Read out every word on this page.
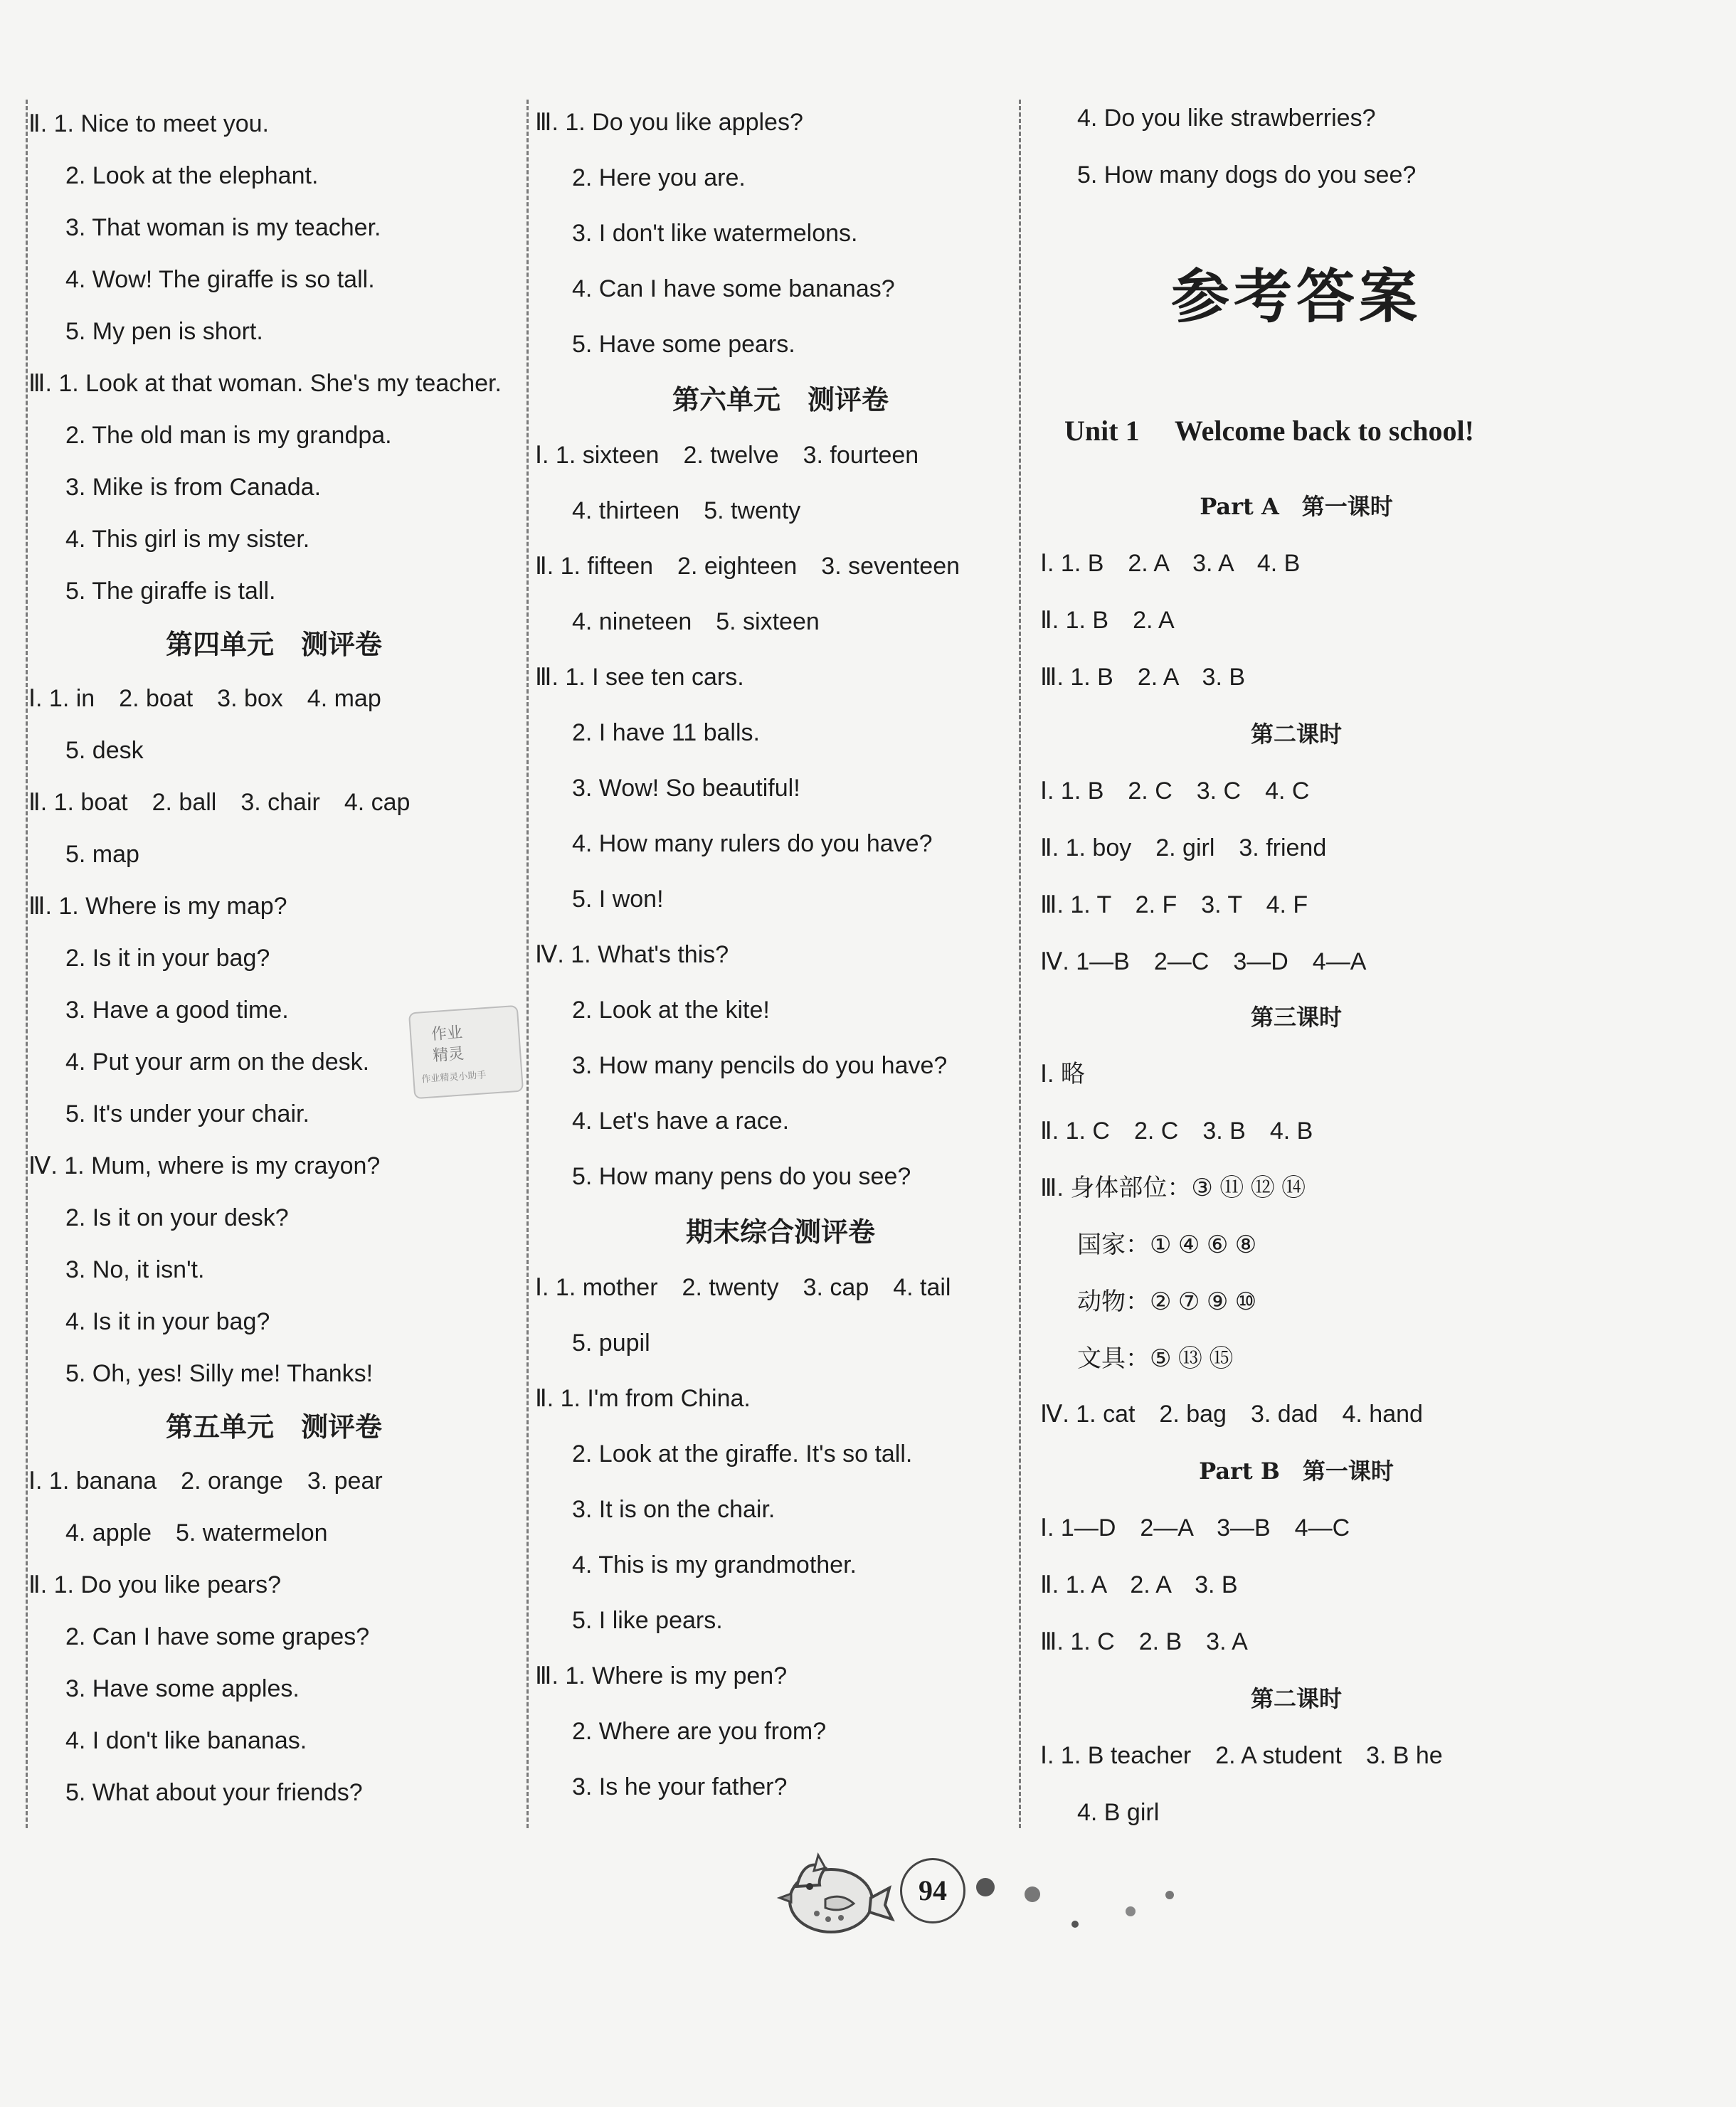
Ⅱ. 1. Nice to meet you.
2. Look at the elephant.
3. That woman is my teacher.
4. Wow! The giraffe is so tall.
5. My pen is short.
Ⅲ. 1. Look at that woman. She's my teacher.
2. The old man is my grandpa.
3. Mike is from Canada.
4. This girl is my sister.
5. The giraffe is tall.
第四单元　测评卷
Ⅰ. 1. in　2. boat　3. box　4. map
5. desk
Ⅱ. 1. boat　2. ball　3. chair　4. cap
5. map
Ⅲ. 1. Where is my map?
2. Is it in your bag?
3. Have a good time.
4. Put your arm on the desk.
5. It's under your chair.
Ⅳ. 1. Mum, where is my crayon?
2. Is it on your desk?
3. No, it isn't.
4. Is it in your bag?
5. Oh, yes! Silly me! Thanks!
第五单元　测评卷
Ⅰ. 1. banana　2. orange　3. pear
4. apple　5. watermelon
Ⅱ. 1. Do you like pears?
2. Can I have some grapes?
3. Have some apples.
4. I don't like bananas.
5. What about your friends?
作业
精灵
作业精灵小助手
Ⅲ. 1. Do you like apples?
2. Here you are.
3. I don't like watermelons.
4. Can I have some bananas?
5. Have some pears.
第六单元　测评卷
Ⅰ. 1. sixteen　2. twelve　3. fourteen
4. thirteen　5. twenty
Ⅱ. 1. fifteen　2. eighteen　3. seventeen
4. nineteen　5. sixteen
Ⅲ. 1. I see ten cars.
2. I have 11 balls.
3. Wow! So beautiful!
4. How many rulers do you have?
5. I won!
Ⅳ. 1. What's this?
2. Look at the kite!
3. How many pencils do you have?
4. Let's have a race.
5. How many pens do you see?
期末综合测评卷
Ⅰ. 1. mother　2. twenty　3. cap　4. tail
5. pupil
Ⅱ. 1. I'm from China.
2. Look at the giraffe. It's so tall.
3. It is on the chair.
4. This is my grandmother.
5. I like pears.
Ⅲ. 1. Where is my pen?
2. Where are you from?
3. Is he your father?
4. Do you like strawberries?
5. How many dogs do you see?
参考答案
Unit 1　 Welcome back to school!
Part A　第一课时
Ⅰ. 1. B　2. A　3. A　4. B
Ⅱ. 1. B　2. A
Ⅲ. 1. B　2. A　3. B
第二课时
Ⅰ. 1. B　2. C　3. C　4. C
Ⅱ. 1. boy　2. girl　3. friend
Ⅲ. 1. T　2. F　3. T　4. F
Ⅳ. 1—B　2—C　3—D　4—A
第三课时
Ⅰ. 略
Ⅱ. 1. C　2. C　3. B　4. B
Ⅲ. 身体部位：③ ⑪ ⑫ ⑭
国家：① ④ ⑥ ⑧
动物：② ⑦ ⑨ ⑩
文具：⑤ ⑬ ⑮
Ⅳ. 1. cat　2. bag　3. dad　4. hand
Part B　第一课时
Ⅰ. 1—D　2—A　3—B　4—C
Ⅱ. 1. A　2. A　3. B
Ⅲ. 1. C　2. B　3. A
第二课时
Ⅰ. 1. B teacher　2. A student　3. B he
4. B girl
94
